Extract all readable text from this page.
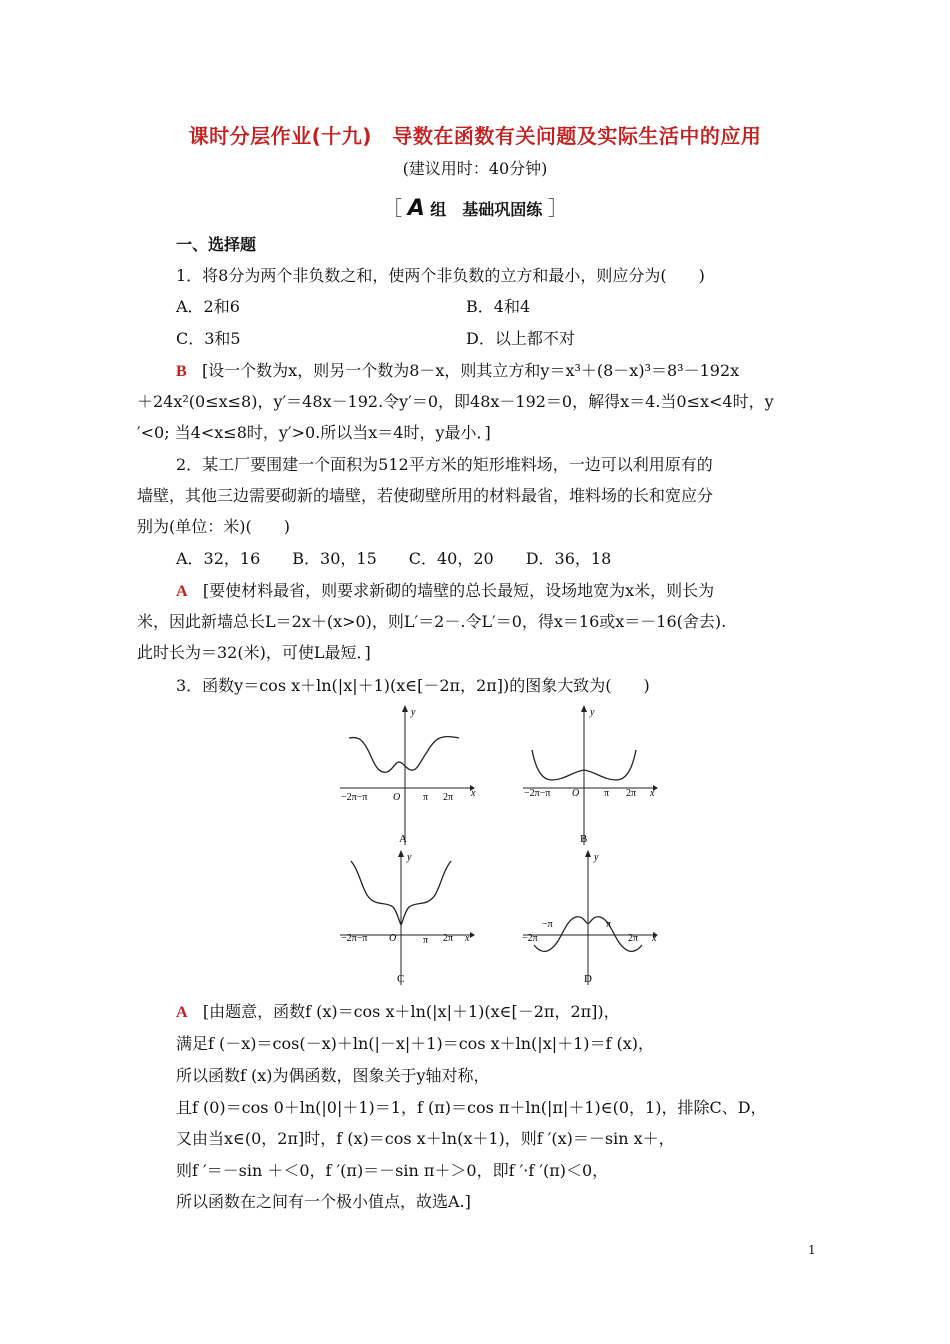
课时分层作业(十九)　导数在函数有关问题及实际生活中的应用
(建议用时：40分钟)
［ A 组　基础巩固练 ］
一、选择题
1．将8分为两个非负数之和，使两个非负数的立方和最小，则应分为(　　)
A．2和6	B．4和4
C．3和5	D．以上都不对
B [设一个数为x，则另一个数为8－x，则其立方和y＝x³＋(8－x)³＝8³－192x
＋24x²(0≤x≤8)，y′＝48x－192.令y′＝0，即48x－192＝0，解得x＝4.当0≤x<4时，y
′<0; 当4<x≤8时，y′>0.所以当x＝4时，y最小．]
2．某工厂要围建一个面积为512平方米的矩形堆料场，一边可以利用原有的
墙壁，其他三边需要砌新的墙壁，若使砌壁所用的材料最省，堆料场的长和宽应分
别为(单位：米)(　　)
A．32，16　　B．30，15　　C．40，20　　D．36，18
A [要使材料最省，则要求新砌的墙壁的总长最短，设场地宽为x米，则长为
米，因此新墙总长L＝2x＋(x>0)，则L′＝2－.令L′＝0，得x＝16或x＝－16(舍去).
此时长为＝32(米)，可使L最短．]
3．函数y＝cos x＋ln(|x|＋1)(x∈[－2π，2π])的图象大致为(　　)
y
x
−2π−π	O π 2π
A
y
x
−2π−π O π 2π
B
y
x
−2π−π O	π 2π
C
y
x
−π	π
−2π	2π
D
A [由题意，函数f (x)＝cos x＋ln(|x|＋1)(x∈[－2π，2π])，
满足f (－x)＝cos(－x)＋ln(|－x|＋1)＝cos x＋ln(|x|＋1)＝f (x)，
所以函数f (x)为偶函数，图象关于y轴对称，
且f (0)＝cos 0＋ln(|0|＋1)＝1，f (π)＝cos π＋ln(|π|＋1)∈(0，1)，排除C、D，
又由当x∈(0，2π]时，f (x)＝cos x＋ln(x＋1)，则f ′(x)＝－sin x＋，
则f ′＝－sin ＋＜0，f ′(π)＝－sin π＋＞0，即f ′·f ′(π)＜0，
所以函数在之间有一个极小值点，故选A.]
1
